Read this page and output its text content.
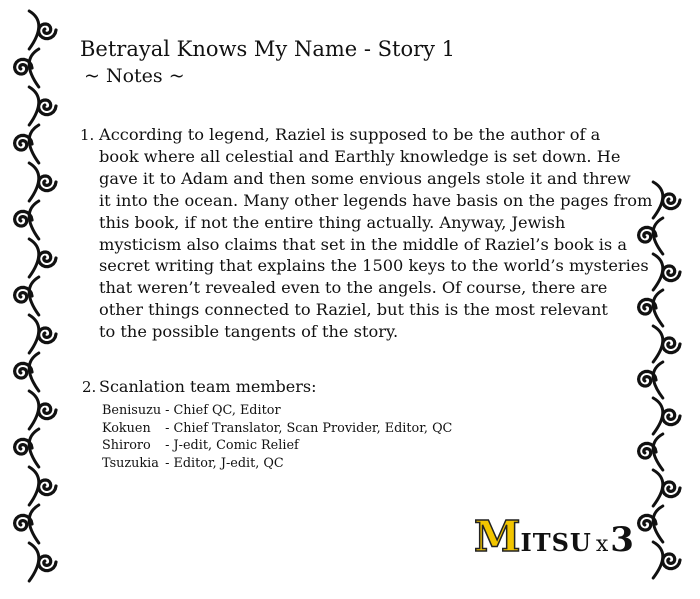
Betrayal Knows My Name - Story 1
~ Notes ~
1. According to legend, Raziel is supposed to be the author of a
book where all celestial and Earthly knowledge is set down. He
gave it to Adam and then some envious angels stole it and threw
it into the ocean. Many other legends have basis on the pages from
this book, if not the entire thing actually. Anyway, Jewish
mysticism also claims that set in the middle of Raziel’s book is a
secret writing that explains the 1500 keys to the world’s mysteries
that weren’t revealed even to the angels. Of course, there are
other things connected to Raziel, but this is the most relevant
to the possible tangents of the story.
2. Scanlation team members:
Benisuzu	- Chief QC, Editor
Kokuen	- Chief Translator, Scan Provider, Editor, QC
Shiroro	- J-edit, Comic Relief
Tsuzukia	- Editor, J-edit, QC
MITSU x3
